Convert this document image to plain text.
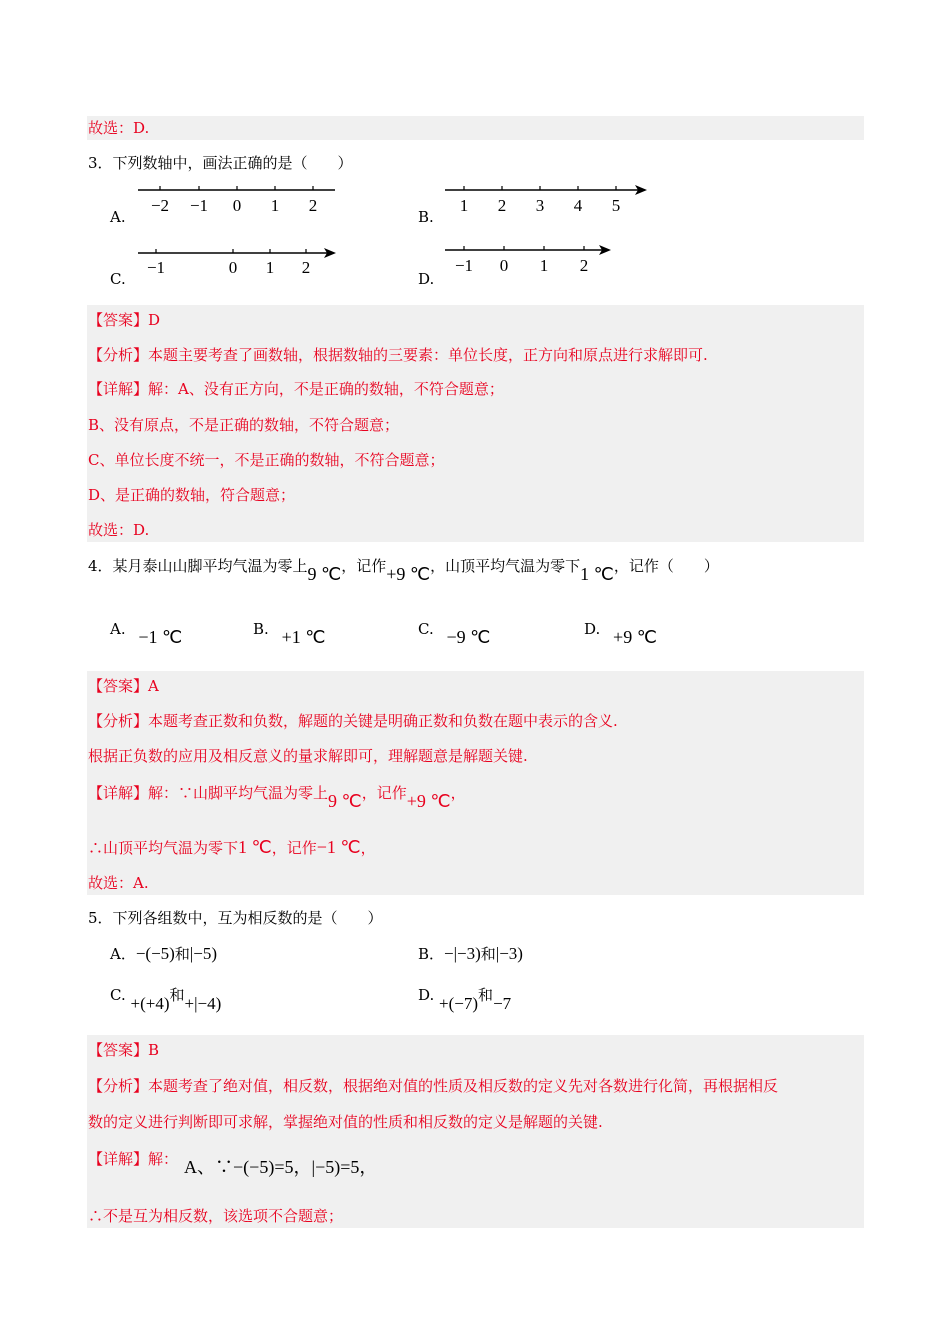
故选：D.
3．下列数轴中，画法正确的是（　　）
A.
−2 −1 0 1 2
B.
1 2 3 4 5
C.
−1	0 1 2
D.
−1 0 1 2
【答案】D
【分析】本题主要考查了画数轴，根据数轴的三要素：单位长度，正方向和原点进行求解即可.
【详解】解：A、没有正方向，不是正确的数轴，不符合题意；
B、没有原点，不是正确的数轴，不符合题意；
C、单位长度不统一，不是正确的数轴，不符合题意；
D、是正确的数轴，符合题意；
故选：D.
4．某月泰山山脚平均气温为零上9 ℃，记作+9 ℃，山顶平均气温为零下1 ℃，记作（　　）
A. −1 ℃	B. +1 ℃	C. −9 ℃	D. +9 ℃
【答案】A
【分析】本题考查正数和负数，解题的关键是明确正数和负数在题中表示的含义.
根据正负数的应用及相反意义的量求解即可，理解题意是解题关键.
【详解】解：∵山脚平均气温为零上9 ℃，记作+9 ℃，
∴山顶平均气温为零下1 ℃，记作−1 ℃，
故选：A.
5．下列各组数中，互为相反数的是（　　）
A．−(−5)和|−5)	B．−|−3)和|−3)
C. +(+4)和+|−4)	D. +(−7)和−7
【答案】B
【分析】本题考查了绝对值，相反数，根据绝对值的性质及相反数的定义先对各数进行化简，再根据相反
数的定义进行判断即可求解，掌握绝对值的性质和相反数的定义是解题的关键.
【详解】解： A、∵−(−5)=5，|−5)=5，
∴不是互为相反数，该选项不合题意；
